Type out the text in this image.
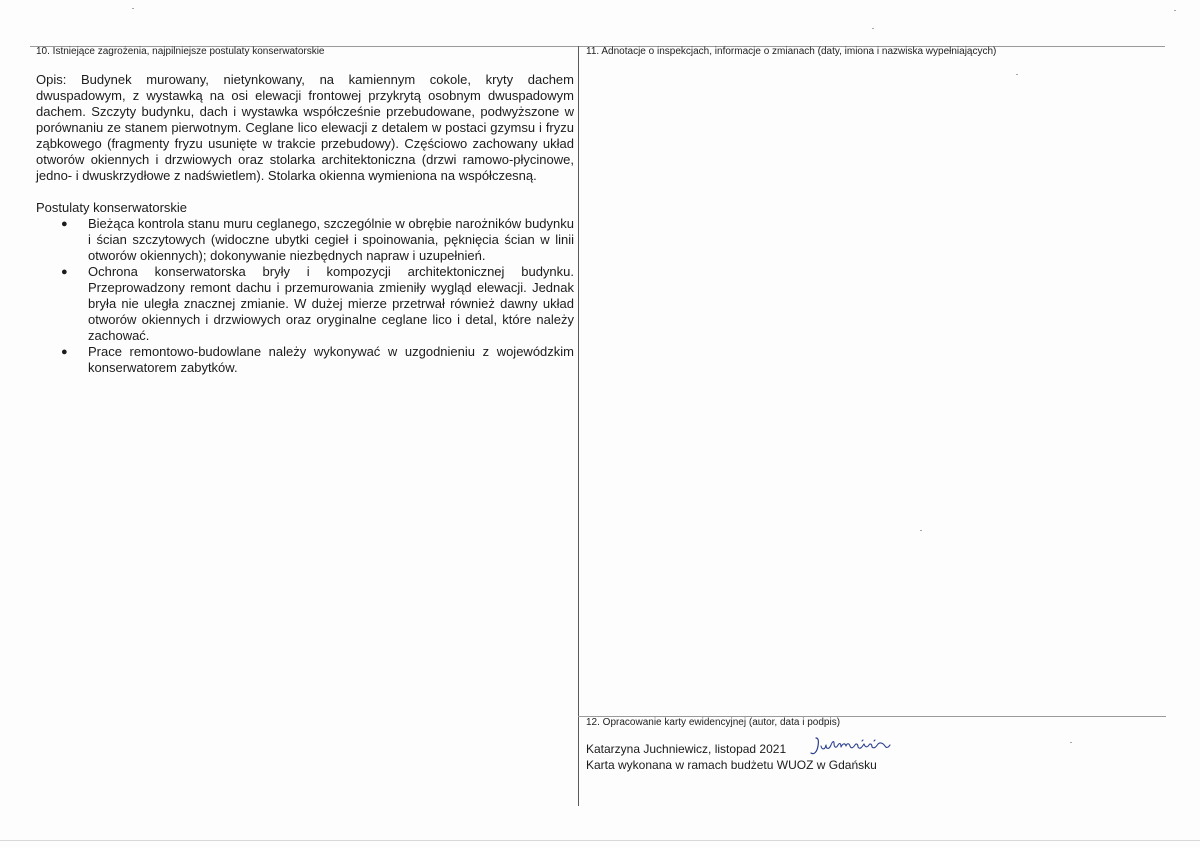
10. Istniejące zagrożenia, najpilniejsze postulaty konserwatorskie

Opis: Budynek murowany, nietynkowany, na kamiennym cokole, kryty dachem dwuspadowym, z wystawką na osi elewacji frontowej przykrytą osobnym dwuspadowym dachem. Szczyty budynku, dach i wystawka współcześnie przebudowane, podwyższone w porównaniu ze stanem pierwotnym. Ceglane lico elewacji z detalem w postaci gzymsu i fryzu ząbkowego (fragmenty fryzu usunięte w trakcie przebudowy). Częściowo zachowany układ otworów okiennych i drzwiowych oraz stolarka architektoniczna (drzwi ramowo-płycinowe, jedno- i dwuskrzydłowe z nadświetlem). Stolarka okienna wymieniona na współczesną.

Postulaty konserwatorskie

● Bieżąca kontrola stanu muru ceglanego, szczególnie w obrębie narożników budynku i ścian szczytowych (widoczne ubytki cegieł i spoinowania, pęknięcia ścian w linii otworów okiennych); dokonywanie niezbędnych napraw i uzupełnień.
● Ochrona konserwatorska bryły i kompozycji architektonicznej budynku. Przeprowadzony remont dachu i przemurowania zmieniły wygląd elewacji. Jednak bryła nie uległa znacznej zmianie. W dużej mierze przetrwał również dawny układ otworów okiennych i drzwiowych oraz oryginalne ceglane lico i detal, które należy zachować.
● Prace remontowo-budowlane należy wykonywać w uzgodnieniu z wojewódzkim konserwatorem zabytków.
11. Adnotacje o inspekcjach, informacje o zmianach (daty, imiona i nazwiska wypełniających)
12. Opracowanie karty ewidencyjnej (autor, data i podpis)
Katarzyna Juchniewicz, listopad 2021
Karta wykonana w ramach budżetu WUOZ w Gdańsku
